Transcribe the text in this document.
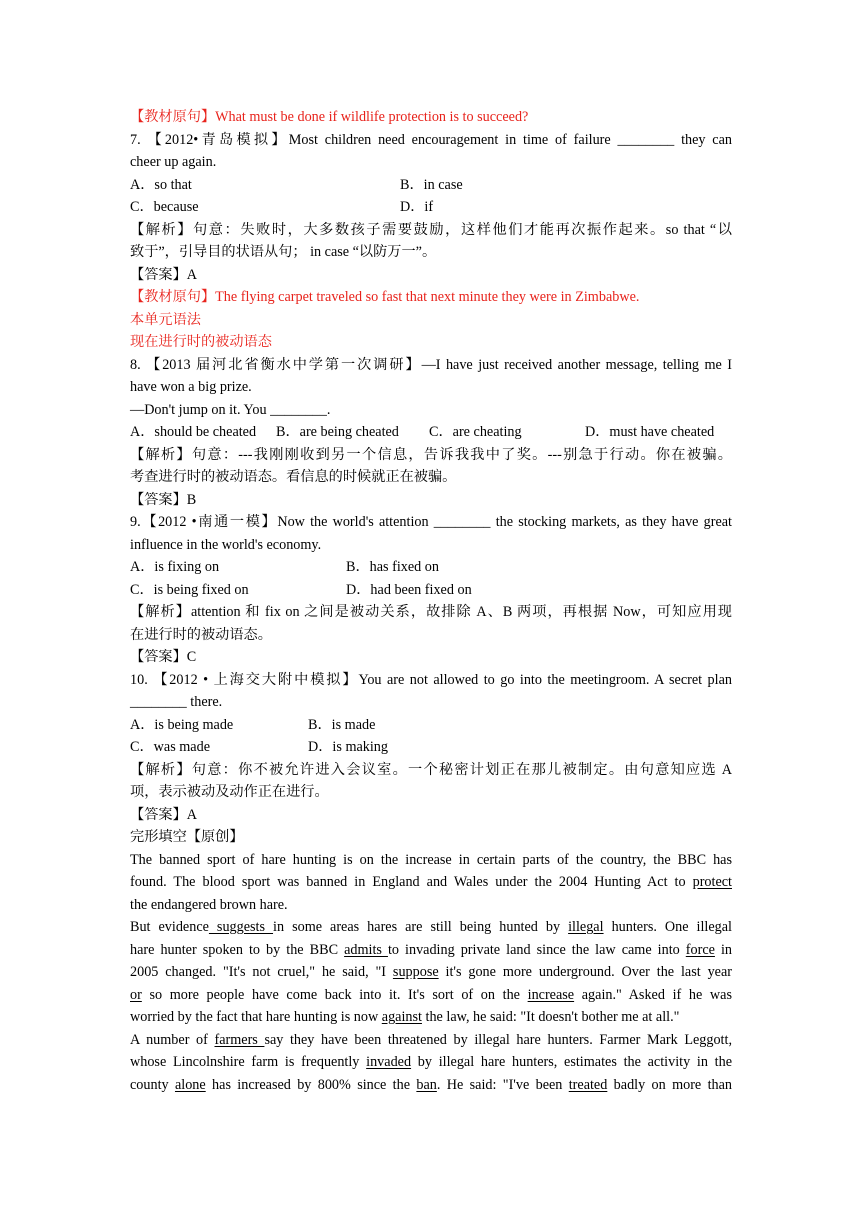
【教材原句】What must be done if wildlife protection is to succeed?
7. 【2012•青岛模拟】Most children need encouragement in time of failure ________ they can
cheer up again.
A．so that	B．in case
C．because	D．if
【解析】句意：失败时，大多数孩子需要鼓励，这样他们才能再次振作起来。so that “以
致于”，引导目的状语从句； in case “以防万一”。
【答案】A
【教材原句】The flying carpet traveled so fast that next minute they were in Zimbabwe.
本单元语法
现在进行时的被动语态
8. 【2013 届河北省衡水中学第一次调研】—I have just received another message, telling me I
have won a big prize.
—Don't jump on it. You ________.
A．should be cheated B．are being cheated C．are cheating	D．must have cheated
【解析】句意：---我刚刚收到另一个信息，告诉我我中了奖。---别急于行动。你在被骗。
考查进行时的被动语态。看信息的时候就正在被骗。
【答案】B
9.【2012 •南通一模】Now the world's attention ________ the stocking markets, as they have great
influence in the world's economy.
A．is fixing on	B．has fixed on
C．is being fixed on	D．had been fixed on
【解析】attention 和 fix on 之间是被动关系，故排除 A、B 两项，再根据 Now，可知应用现
在进行时的被动语态。
【答案】C
10. 【2012 • 上海交大附中模拟】You are not allowed to go into the meetingroom. A secret plan
________ there.
A．is being made	B．is made
C．was made	D．is making
【解析】句意：你不被允许进入会议室。一个秘密计划正在那儿被制定。由句意知应选 A
项，表示被动及动作正在进行。
【答案】A
完形填空【原创】
The banned sport of hare hunting is on the increase in certain parts of the country, the BBC has
found. The blood sport was banned in England and Wales under the 2004 Hunting Act to protect
the endangered brown hare.
But evidence suggests in some areas hares are still being hunted by illegal hunters. One illegal
hare hunter spoken to by the BBC admits to invading private land since the law came into force in
2005 changed. "It's not cruel," he said, "I suppose it's gone more underground. Over the last year
or so more people have come back into it. It's sort of on the increase again." Asked if he was
worried by the fact that hare hunting is now against the law, he said: "It doesn't bother me at all."
A number of farmers say they have been threatened by illegal hare hunters. Farmer Mark Leggott,
whose Lincolnshire farm is frequently invaded by illegal hare hunters, estimates the activity in the
county alone has increased by 800% since the ban. He said: "I've been treated badly on more than
